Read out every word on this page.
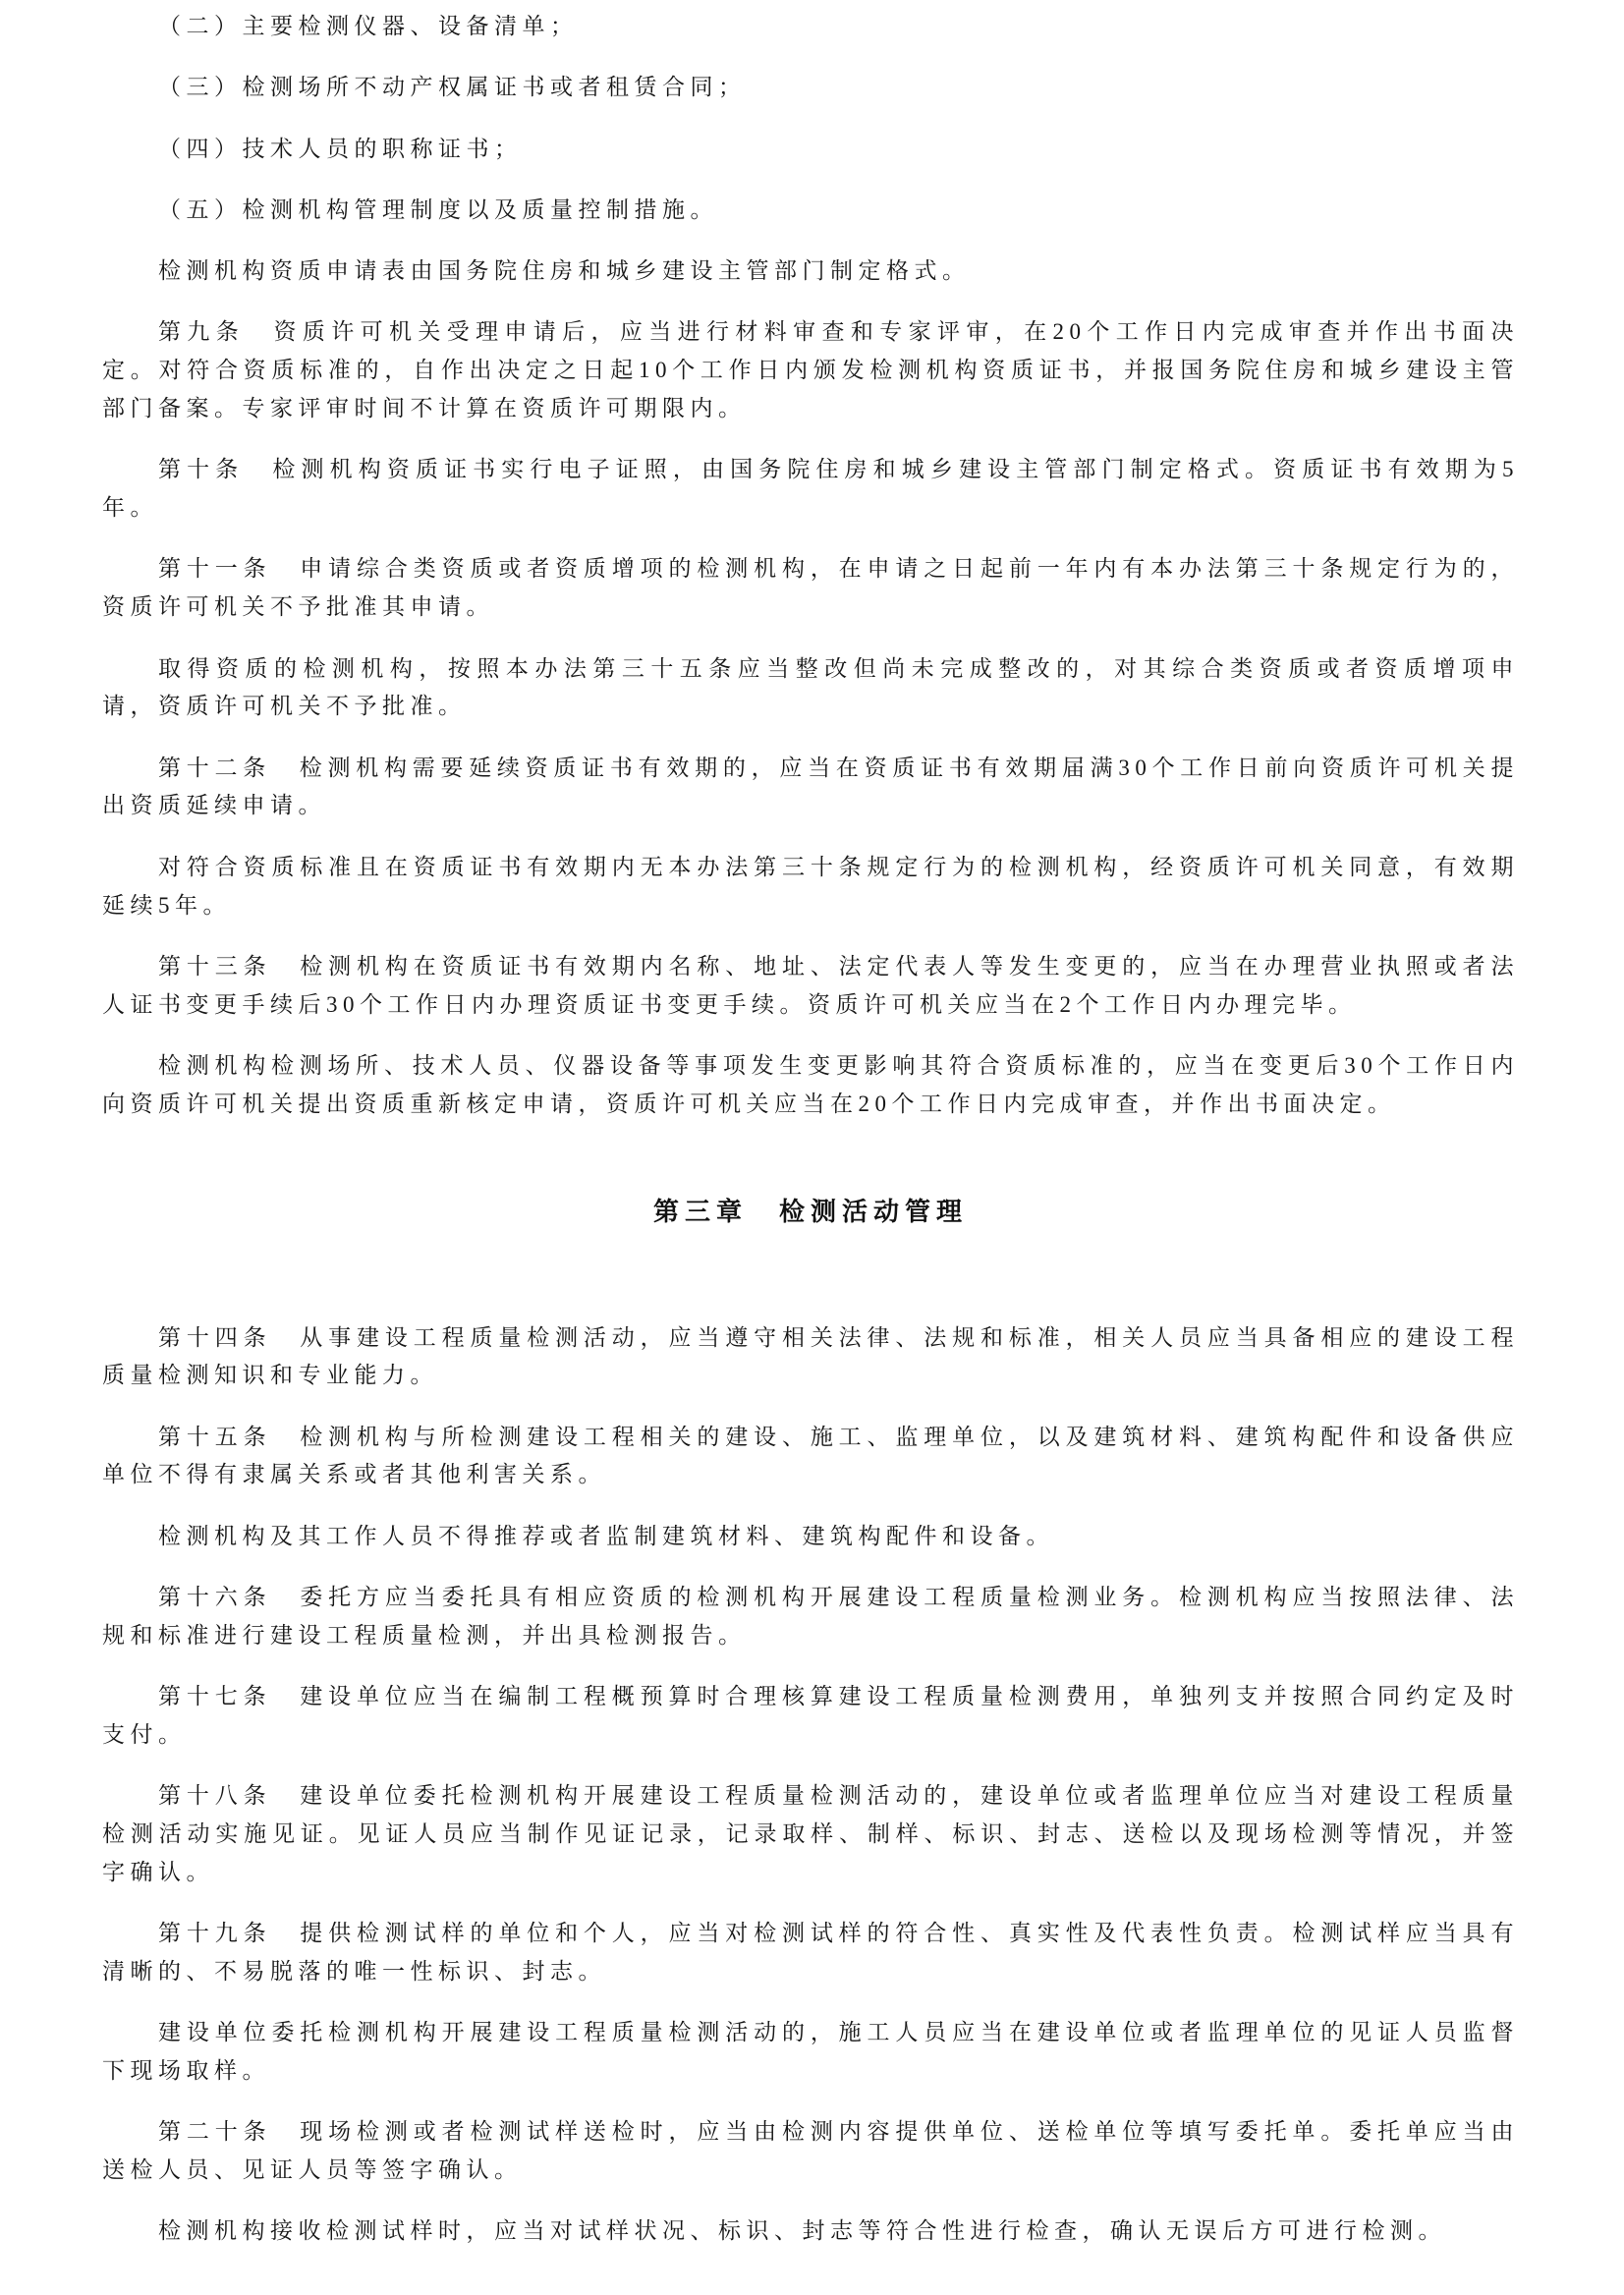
（二）主要检测仪器、设备清单；

（三）检测场所不动产权属证书或者租赁合同；

（四）技术人员的职称证书；

（五）检测机构管理制度以及质量控制措施。

检测机构资质申请表由国务院住房和城乡建设主管部门制定格式。

第九条　资质许可机关受理申请后，应当进行材料审查和专家评审，在20个工作日内完成审查并作出书面决定。对符合资质标准的，自作出决定之日起10个工作日内颁发检测机构资质证书，并报国务院住房和城乡建设主管部门备案。专家评审时间不计算在资质许可期限内。

第十条　检测机构资质证书实行电子证照，由国务院住房和城乡建设主管部门制定格式。资质证书有效期为5年。

第十一条　申请综合类资质或者资质增项的检测机构，在申请之日起前一年内有本办法第三十条规定行为的，资质许可机关不予批准其申请。

取得资质的检测机构，按照本办法第三十五条应当整改但尚未完成整改的，对其综合类资质或者资质增项申请，资质许可机关不予批准。

第十二条　检测机构需要延续资质证书有效期的，应当在资质证书有效期届满30个工作日前向资质许可机关提出资质延续申请。

对符合资质标准且在资质证书有效期内无本办法第三十条规定行为的检测机构，经资质许可机关同意，有效期延续5年。

第十三条　检测机构在资质证书有效期内名称、地址、法定代表人等发生变更的，应当在办理营业执照或者法人证书变更手续后30个工作日内办理资质证书变更手续。资质许可机关应当在2个工作日内办理完毕。

检测机构检测场所、技术人员、仪器设备等事项发生变更影响其符合资质标准的，应当在变更后30个工作日内向资质许可机关提出资质重新核定申请，资质许可机关应当在20个工作日内完成审查，并作出书面决定。

第三章　检测活动管理

第十四条　从事建设工程质量检测活动，应当遵守相关法律、法规和标准，相关人员应当具备相应的建设工程质量检测知识和专业能力。

第十五条　检测机构与所检测建设工程相关的建设、施工、监理单位，以及建筑材料、建筑构配件和设备供应单位不得有隶属关系或者其他利害关系。

检测机构及其工作人员不得推荐或者监制建筑材料、建筑构配件和设备。

第十六条　委托方应当委托具有相应资质的检测机构开展建设工程质量检测业务。检测机构应当按照法律、法规和标准进行建设工程质量检测，并出具检测报告。

第十七条　建设单位应当在编制工程概预算时合理核算建设工程质量检测费用，单独列支并按照合同约定及时支付。

第十八条　建设单位委托检测机构开展建设工程质量检测活动的，建设单位或者监理单位应当对建设工程质量检测活动实施见证。见证人员应当制作见证记录，记录取样、制样、标识、封志、送检以及现场检测等情况，并签字确认。

第十九条　提供检测试样的单位和个人，应当对检测试样的符合性、真实性及代表性负责。检测试样应当具有清晰的、不易脱落的唯一性标识、封志。

建设单位委托检测机构开展建设工程质量检测活动的，施工人员应当在建设单位或者监理单位的见证人员监督下现场取样。

第二十条　现场检测或者检测试样送检时，应当由检测内容提供单位、送检单位等填写委托单。委托单应当由送检人员、见证人员等签字确认。

检测机构接收检测试样时，应当对试样状况、标识、封志等符合性进行检查，确认无误后方可进行检测。
